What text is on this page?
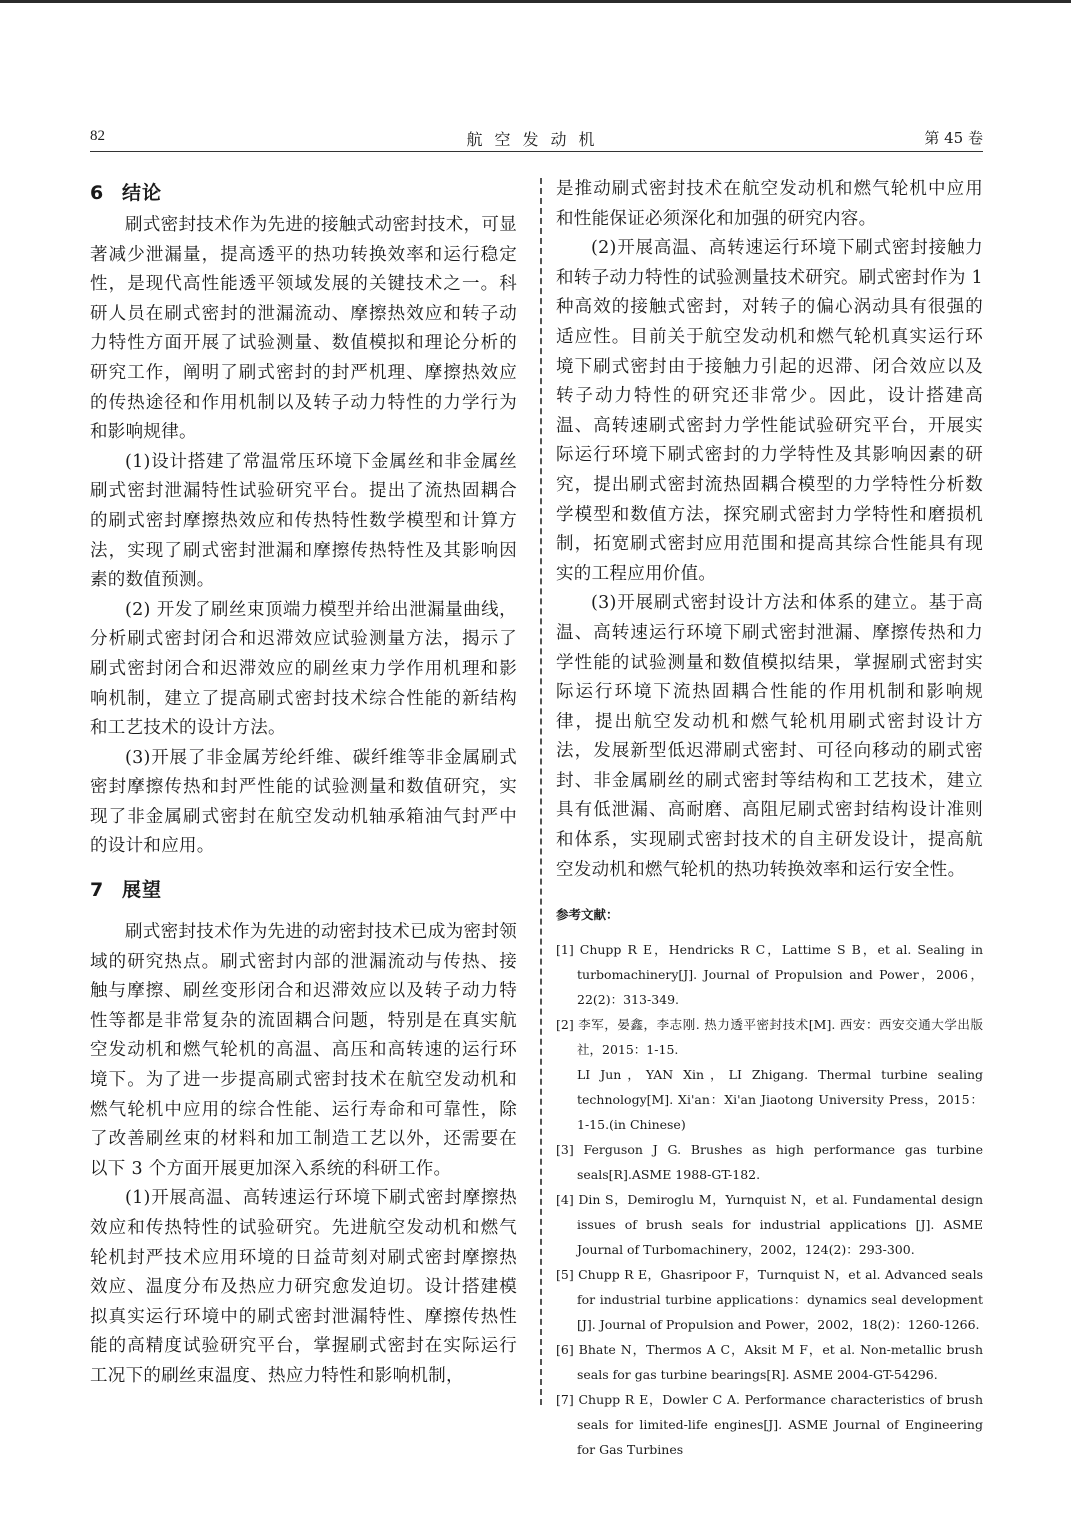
82	航空发动机	第 45 卷
6 结论

刷式密封技术作为先进的接触式动密封技术，可显著减少泄漏量，提高透平的热功转换效率和运行稳定性，是现代高性能透平领域发展的关键技术之一。科研人员在刷式密封的泄漏流动、摩擦热效应和转子动力特性方面开展了试验测量、数值模拟和理论分析的研究工作，阐明了刷式密封的封严机理、摩擦热效应的传热途径和作用机制以及转子动力特性的力学行为和影响规律。

(1)设计搭建了常温常压环境下金属丝和非金属丝刷式密封泄漏特性试验研究平台。提出了流热固耦合的刷式密封摩擦热效应和传热特性数学模型和计算方法，实现了刷式密封泄漏和摩擦传热特性及其影响因素的数值预测。

(2) 开发了刷丝束顶端力模型并给出泄漏量曲线，分析刷式密封闭合和迟滞效应试验测量方法，揭示了刷式密封闭合和迟滞效应的刷丝束力学作用机理和影响机制，建立了提高刷式密封技术综合性能的新结构和工艺技术的设计方法。

(3)开展了非金属芳纶纤维、碳纤维等非金属刷式密封摩擦传热和封严性能的试验测量和数值研究，实现了非金属刷式密封在航空发动机轴承箱油气封严中的设计和应用。

7 展望

刷式密封技术作为先进的动密封技术已成为密封领域的研究热点。刷式密封内部的泄漏流动与传热、接触与摩擦、刷丝变形闭合和迟滞效应以及转子动力特性等都是非常复杂的流固耦合问题，特别是在真实航空发动机和燃气轮机的高温、高压和高转速的运行环境下。为了进一步提高刷式密封技术在航空发动机和燃气轮机中应用的综合性能、运行寿命和可靠性，除了改善刷丝束的材料和加工制造工艺以外，还需要在以下 3 个方面开展更加深入系统的科研工作。

(1)开展高温、高转速运行环境下刷式密封摩擦热效应和传热特性的试验研究。先进航空发动机和燃气轮机封严技术应用环境的日益苛刻对刷式密封摩擦热效应、温度分布及热应力研究愈发迫切。设计搭建模拟真实运行环境中的刷式密封泄漏特性、摩擦传热性能的高精度试验研究平台，掌握刷式密封在实际运行工况下的刷丝束温度、热应力特性和影响机制，

是推动刷式密封技术在航空发动机和燃气轮机中应用和性能保证必须深化和加强的研究内容。

(2)开展高温、高转速运行环境下刷式密封接触力和转子动力特性的试验测量技术研究。刷式密封作为 1 种高效的接触式密封，对转子的偏心涡动具有很强的适应性。目前关于航空发动机和燃气轮机真实运行环境下刷式密封由于接触力引起的迟滞、闭合效应以及转子动力特性的研究还非常少。因此，设计搭建高温、高转速刷式密封力学性能试验研究平台，开展实际运行环境下刷式密封的力学特性及其影响因素的研究，提出刷式密封流热固耦合模型的力学特性分析数学模型和数值方法，探究刷式密封力学特性和磨损机制，拓宽刷式密封应用范围和提高其综合性能具有现实的工程应用价值。

(3)开展刷式密封设计方法和体系的建立。基于高温、高转速运行环境下刷式密封泄漏、摩擦传热和力学性能的试验测量和数值模拟结果，掌握刷式密封实际运行环境下流热固耦合性能的作用机制和影响规律，提出航空发动机和燃气轮机用刷式密封设计方法，发展新型低迟滞刷式密封、可径向移动的刷式密封、非金属刷丝的刷式密封等结构和工艺技术，建立具有低泄漏、高耐磨、高阻尼刷式密封结构设计准则和体系，实现刷式密封技术的自主研发设计，提高航空发动机和燃气轮机的热功转换效率和运行安全性。

参考文献：

[1] Chupp R E，Hendricks R C，Lattime S B，et al. Sealing in turbomachinery[J]. Journal of Propulsion and Power，2006，22(2)：313-349.

[2] 李军，晏鑫，李志刚. 热力透平密封技术[M]. 西安：西安交通大学出版社，2015：1-15.

LI Jun，YAN Xin，LI Zhigang. Thermal turbine sealing technology[M]. Xi'an：Xi'an Jiaotong University Press，2015：1-15.(in Chinese)

[3] Ferguson J G. Brushes as high performance gas turbine seals[R].ASME 1988-GT-182.

[4] Din S，Demiroglu M，Yurnquist N，et al. Fundamental design issues of brush seals for industrial applications [J]. ASME Journal of Turbomachinery，2002，124(2)：293-300.

[5] Chupp R E，Ghasripoor F，Turnquist N，et al. Advanced seals for industrial turbine applications：dynamics seal development [J]. Journal of Propulsion and Power，2002，18(2)：1260-1266.

[6] Bhate N，Thermos A C，Aksit M F，et al. Non-metallic brush seals for gas turbine bearings[R]. ASME 2004-GT-54296.

[7] Chupp R E，Dowler C A. Performance characteristics of brush seals for limited-life engines[J]. ASME Journal of Engineering for Gas Turbines
